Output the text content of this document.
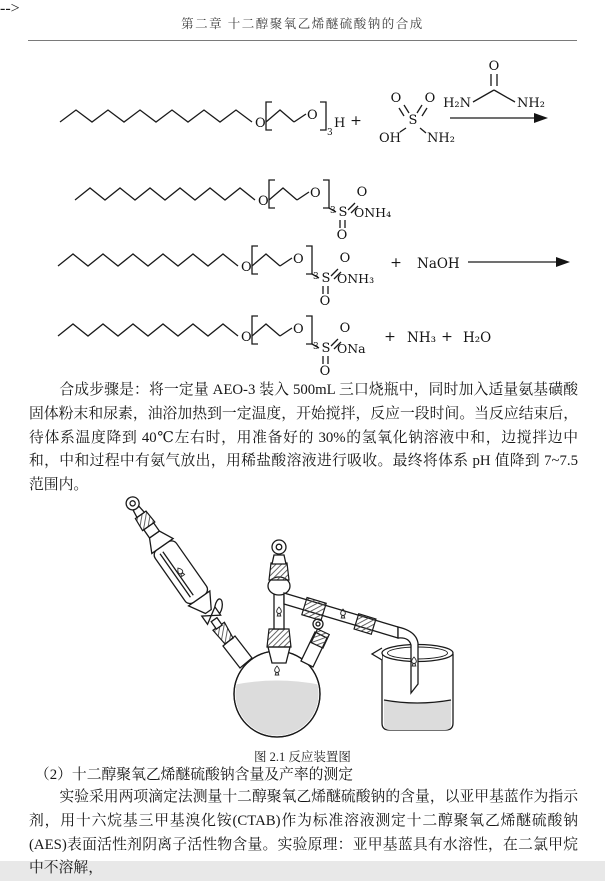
第二章 十二醇聚氧乙烯醚硫酸钠的合成
-->
O
O
3
H +
O O
S
OH NH₂
O
H₂N	NH₂
O
O
3 S
O
ONH₄
O
O
O
3 S
O
ONH₃
O
+ NaOH
O
O
3 S
O
ONa
O
+ NH₃ + H₂O

合成步骤是：将一定量 AEO-3 装入 500mL 三口烧瓶中，同时加入适量氨基磺酸固体粉末和尿素，油浴加热到一定温度，开始搅拌，反应一段时间。当反应结束后，待体系温度降到 40℃左右时，用准备好的 30%的氢氧化钠溶液中和，边搅拌边中和，中和过程中有氨气放出，用稀盐酸溶液进行吸收。最终将体系 pH 值降到 7~7.5 范围内。

图 2.1 反应装置图
（2）十二醇聚氧乙烯醚硫酸钠含量及产率的测定

实验采用两项滴定法测量十二醇聚氧乙烯醚硫酸钠的含量，以亚甲基蓝作为指示剂，用十六烷基三甲基溴化铵(CTAB)作为标准溶液测定十二醇聚氧乙烯醚硫酸钠(AES)表面活性剂阴离子活性物含量。实验原理：亚甲基蓝具有水溶性，在二氯甲烷中不溶解，
